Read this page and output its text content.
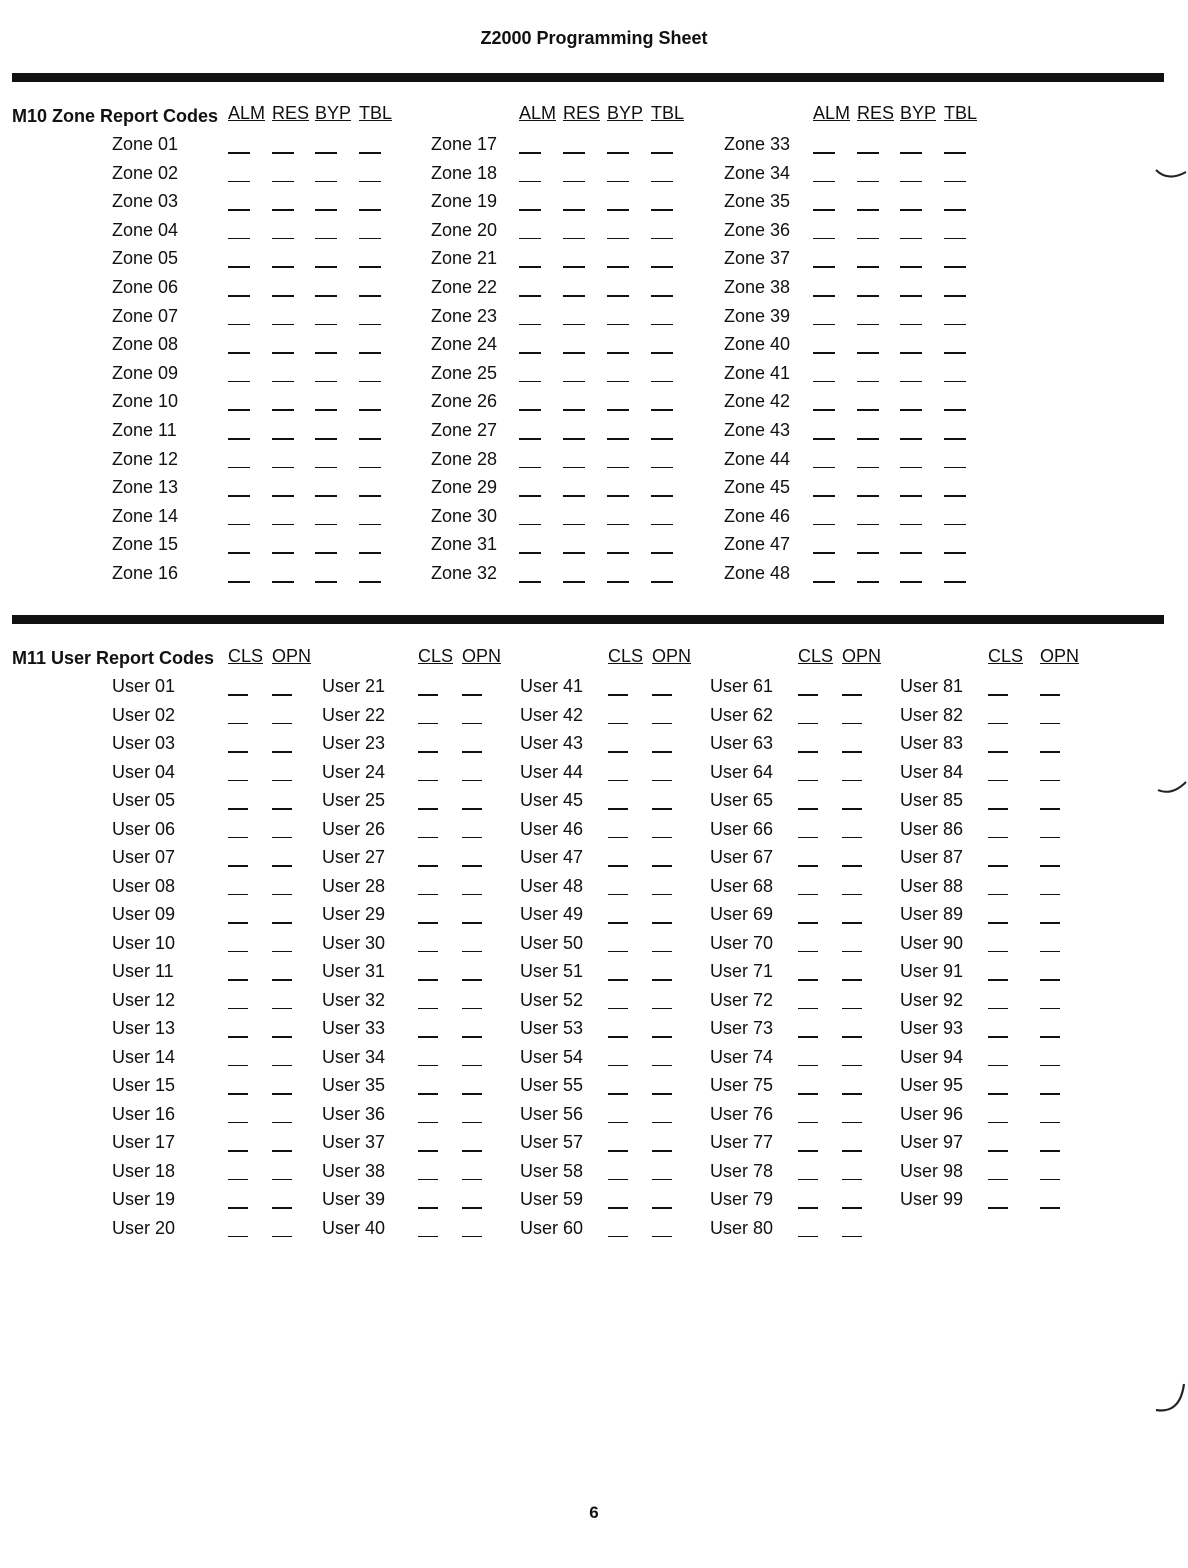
Z2000 Programming Sheet
M10 Zone Report Codes
M11 User Report Codes
ALM RES BYP TBL
Zone 01
Zone 02
Zone 03
Zone 04
Zone 05
Zone 06
Zone 07
Zone 08
Zone 09
Zone 10
Zone 11
Zone 12
Zone 13
Zone 14
Zone 15
Zone 16
ALM RES BYP TBL
Zone 17
Zone 18
Zone 19
Zone 20
Zone 21
Zone 22
Zone 23
Zone 24
Zone 25
Zone 26
Zone 27
Zone 28
Zone 29
Zone 30
Zone 31
Zone 32
ALM RES BYP TBL
Zone 33
Zone 34
Zone 35
Zone 36
Zone 37
Zone 38
Zone 39
Zone 40
Zone 41
Zone 42
Zone 43
Zone 44
Zone 45
Zone 46
Zone 47
Zone 48
CLS OPN
User 01
User 02
User 03
User 04
User 05
User 06
User 07
User 08
User 09
User 10
User 11
User 12
User 13
User 14
User 15
User 16
User 17
User 18
User 19
User 20
CLS OPN
User 21
User 22
User 23
User 24
User 25
User 26
User 27
User 28
User 29
User 30
User 31
User 32
User 33
User 34
User 35
User 36
User 37
User 38
User 39
User 40
CLS OPN
User 41
User 42
User 43
User 44
User 45
User 46
User 47
User 48
User 49
User 50
User 51
User 52
User 53
User 54
User 55
User 56
User 57
User 58
User 59
User 60
CLS OPN
User 61
User 62
User 63
User 64
User 65
User 66
User 67
User 68
User 69
User 70
User 71
User 72
User 73
User 74
User 75
User 76
User 77
User 78
User 79
User 80
CLS OPN
User 81
User 82
User 83
User 84
User 85
User 86
User 87
User 88
User 89
User 90
User 91
User 92
User 93
User 94
User 95
User 96
User 97
User 98
User 99
6
